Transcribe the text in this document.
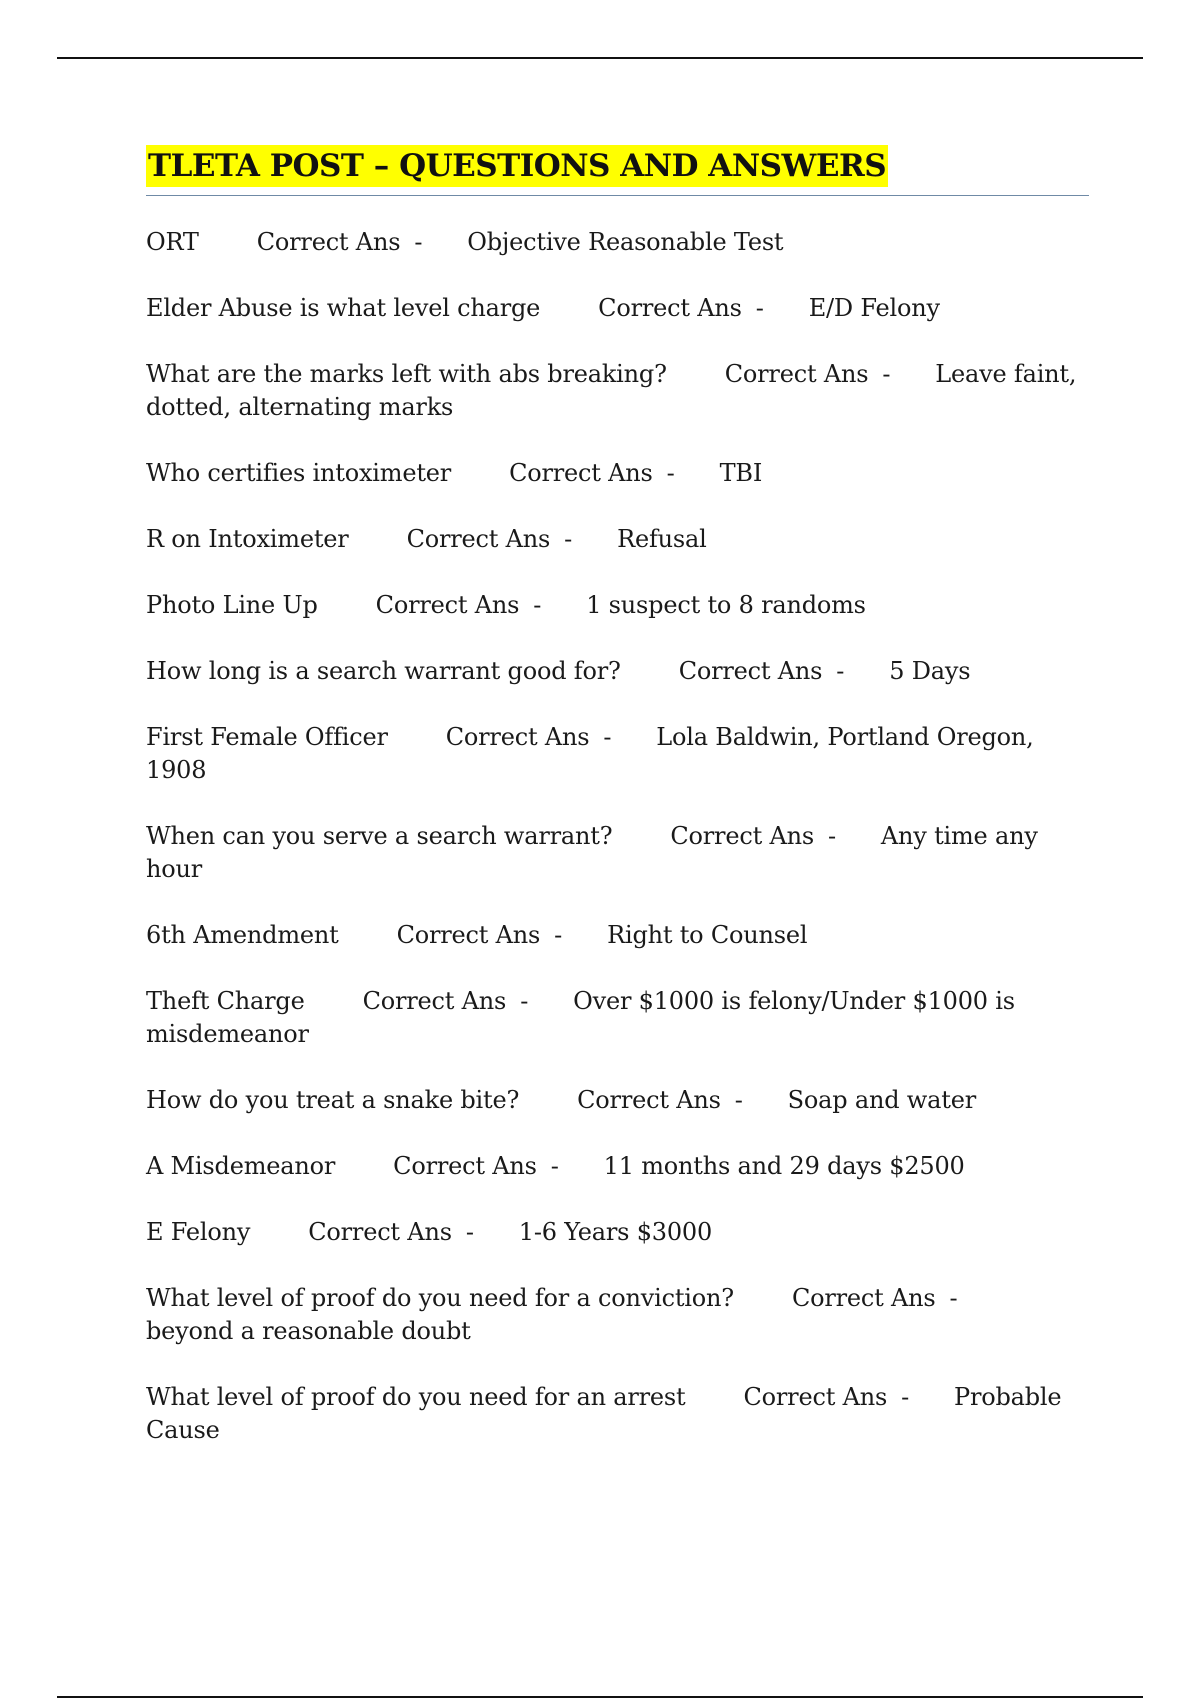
TLETA POST – QUESTIONS AND ANSWERS

ORT Correct Ans - Objective Reasonable Test

Elder Abuse is what level charge Correct Ans - E/D Felony

What are the marks left with abs breaking? Correct Ans - Leave faint, dotted, alternating marks

Who certifies intoximeter Correct Ans - TBI

R on Intoximeter Correct Ans - Refusal

Photo Line Up Correct Ans - 1 suspect to 8 randoms

How long is a search warrant good for? Correct Ans - 5 Days

First Female Officer Correct Ans - Lola Baldwin, Portland Oregon, 1908

When can you serve a search warrant? Correct Ans - Any time any hour

6th Amendment Correct Ans - Right to Counsel

Theft Charge Correct Ans - Over $1000 is felony/Under $1000 is misdemeanor

How do you treat a snake bite? Correct Ans - Soap and water

A Misdemeanor Correct Ans - 11 months and 29 days $2500

E Felony Correct Ans - 1-6 Years $3000

What level of proof do you need for a conviction? Correct Ans -beyond a reasonable doubt

What level of proof do you need for an arrest Correct Ans - Probable Cause
